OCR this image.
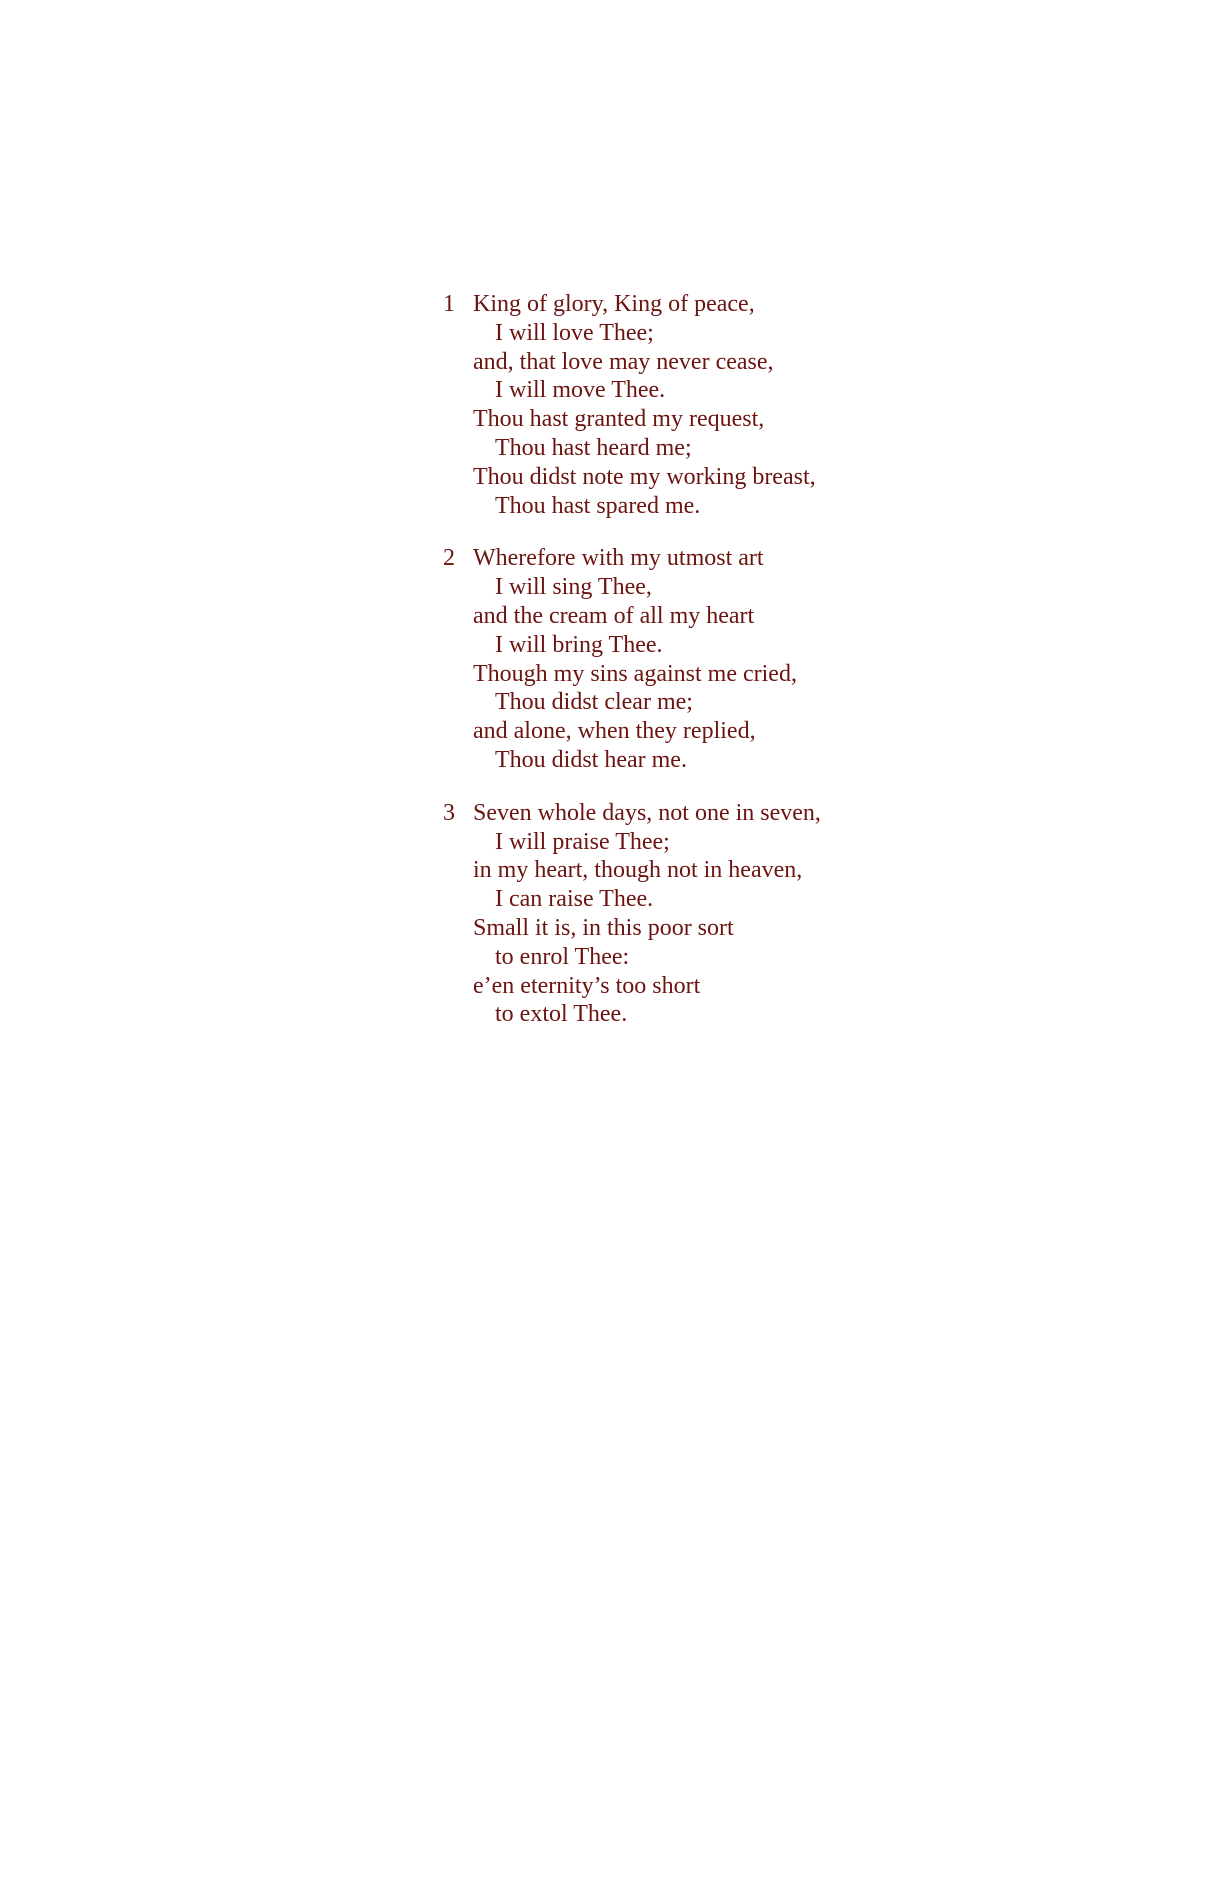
1 King of glory, King of peace,
I will love Thee;
and, that love may never cease,
I will move Thee.
Thou hast granted my request,
Thou hast heard me;
Thou didst note my working breast,
Thou hast spared me.
2 Wherefore with my utmost art
I will sing Thee,
and the cream of all my heart
I will bring Thee.
Though my sins against me cried,
Thou didst clear me;
and alone, when they replied,
Thou didst hear me.
3 Seven whole days, not one in seven,
I will praise Thee;
in my heart, though not in heaven,
I can raise Thee.
Small it is, in this poor sort
to enrol Thee:
e’en eternity’s too short
to extol Thee.
